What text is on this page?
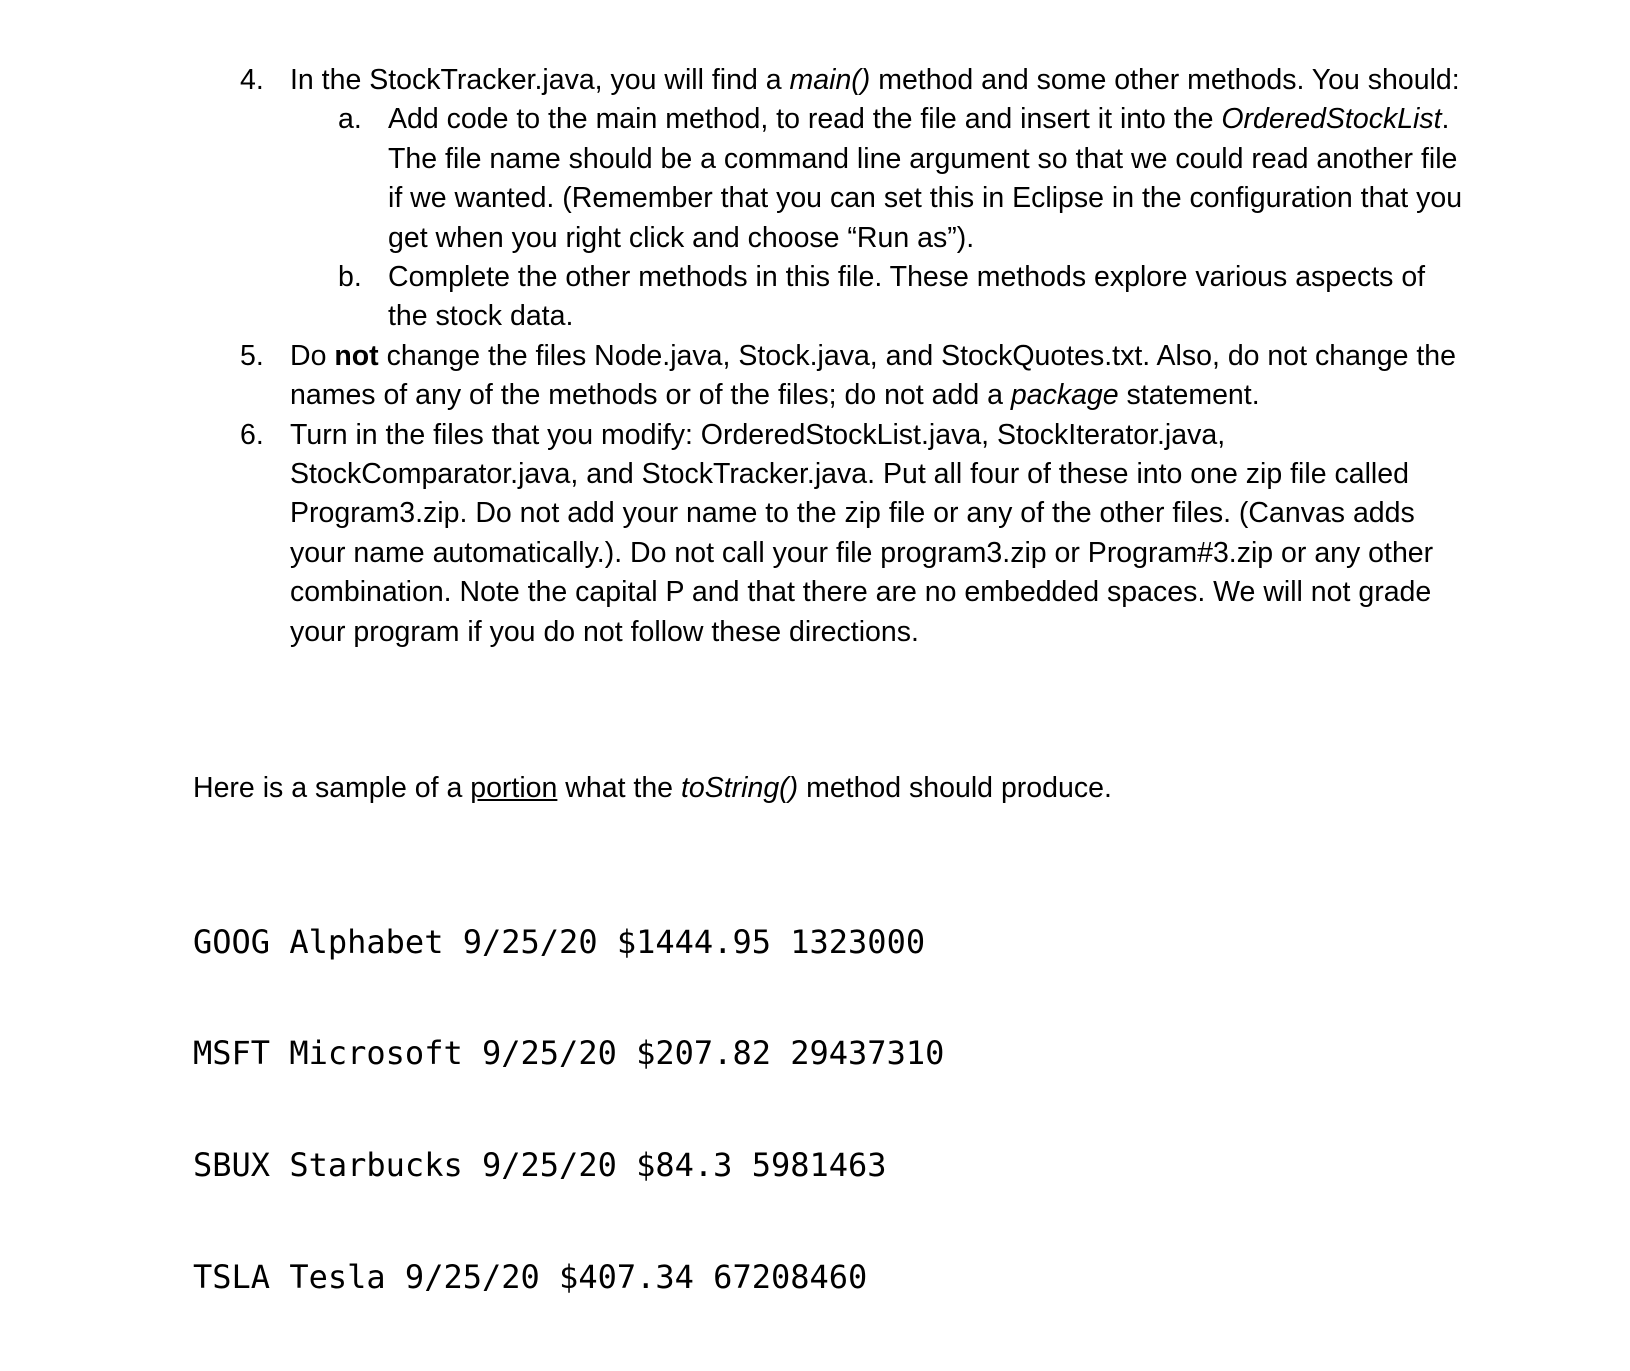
4. In the StockTracker.java, you will find a main() method and some other methods. You should:
a. Add code to the main method, to read the file and insert it into the OrderedStockList. The file name should be a command line argument so that we could read another file if we wanted. (Remember that you can set this in Eclipse in the configuration that you get when you right click and choose “Run as”).
b. Complete the other methods in this file. These methods explore various aspects of the stock data.
5. Do not change the files Node.java, Stock.java, and StockQuotes.txt. Also, do not change the names of any of the methods or of the files; do not add a package statement.
6. Turn in the files that you modify: OrderedStockList.java, StockIterator.java, StockComparator.java, and StockTracker.java. Put all four of these into one zip file called Program3.zip. Do not add your name to the zip file or any of the other files. (Canvas adds your name automatically.). Do not call your file program3.zip or Program#3.zip or any other combination. Note the capital P and that there are no embedded spaces. We will not grade your program if you do not follow these directions.
Here is a sample of a portion what the toString() method should produce.

GOOG Alphabet 9/25/20 $1444.95 1323000

MSFT Microsoft 9/25/20 $207.82 29437310

SBUX Starbucks 9/25/20 $84.3 5981463

TSLA Tesla 9/25/20 $407.34 67208460
